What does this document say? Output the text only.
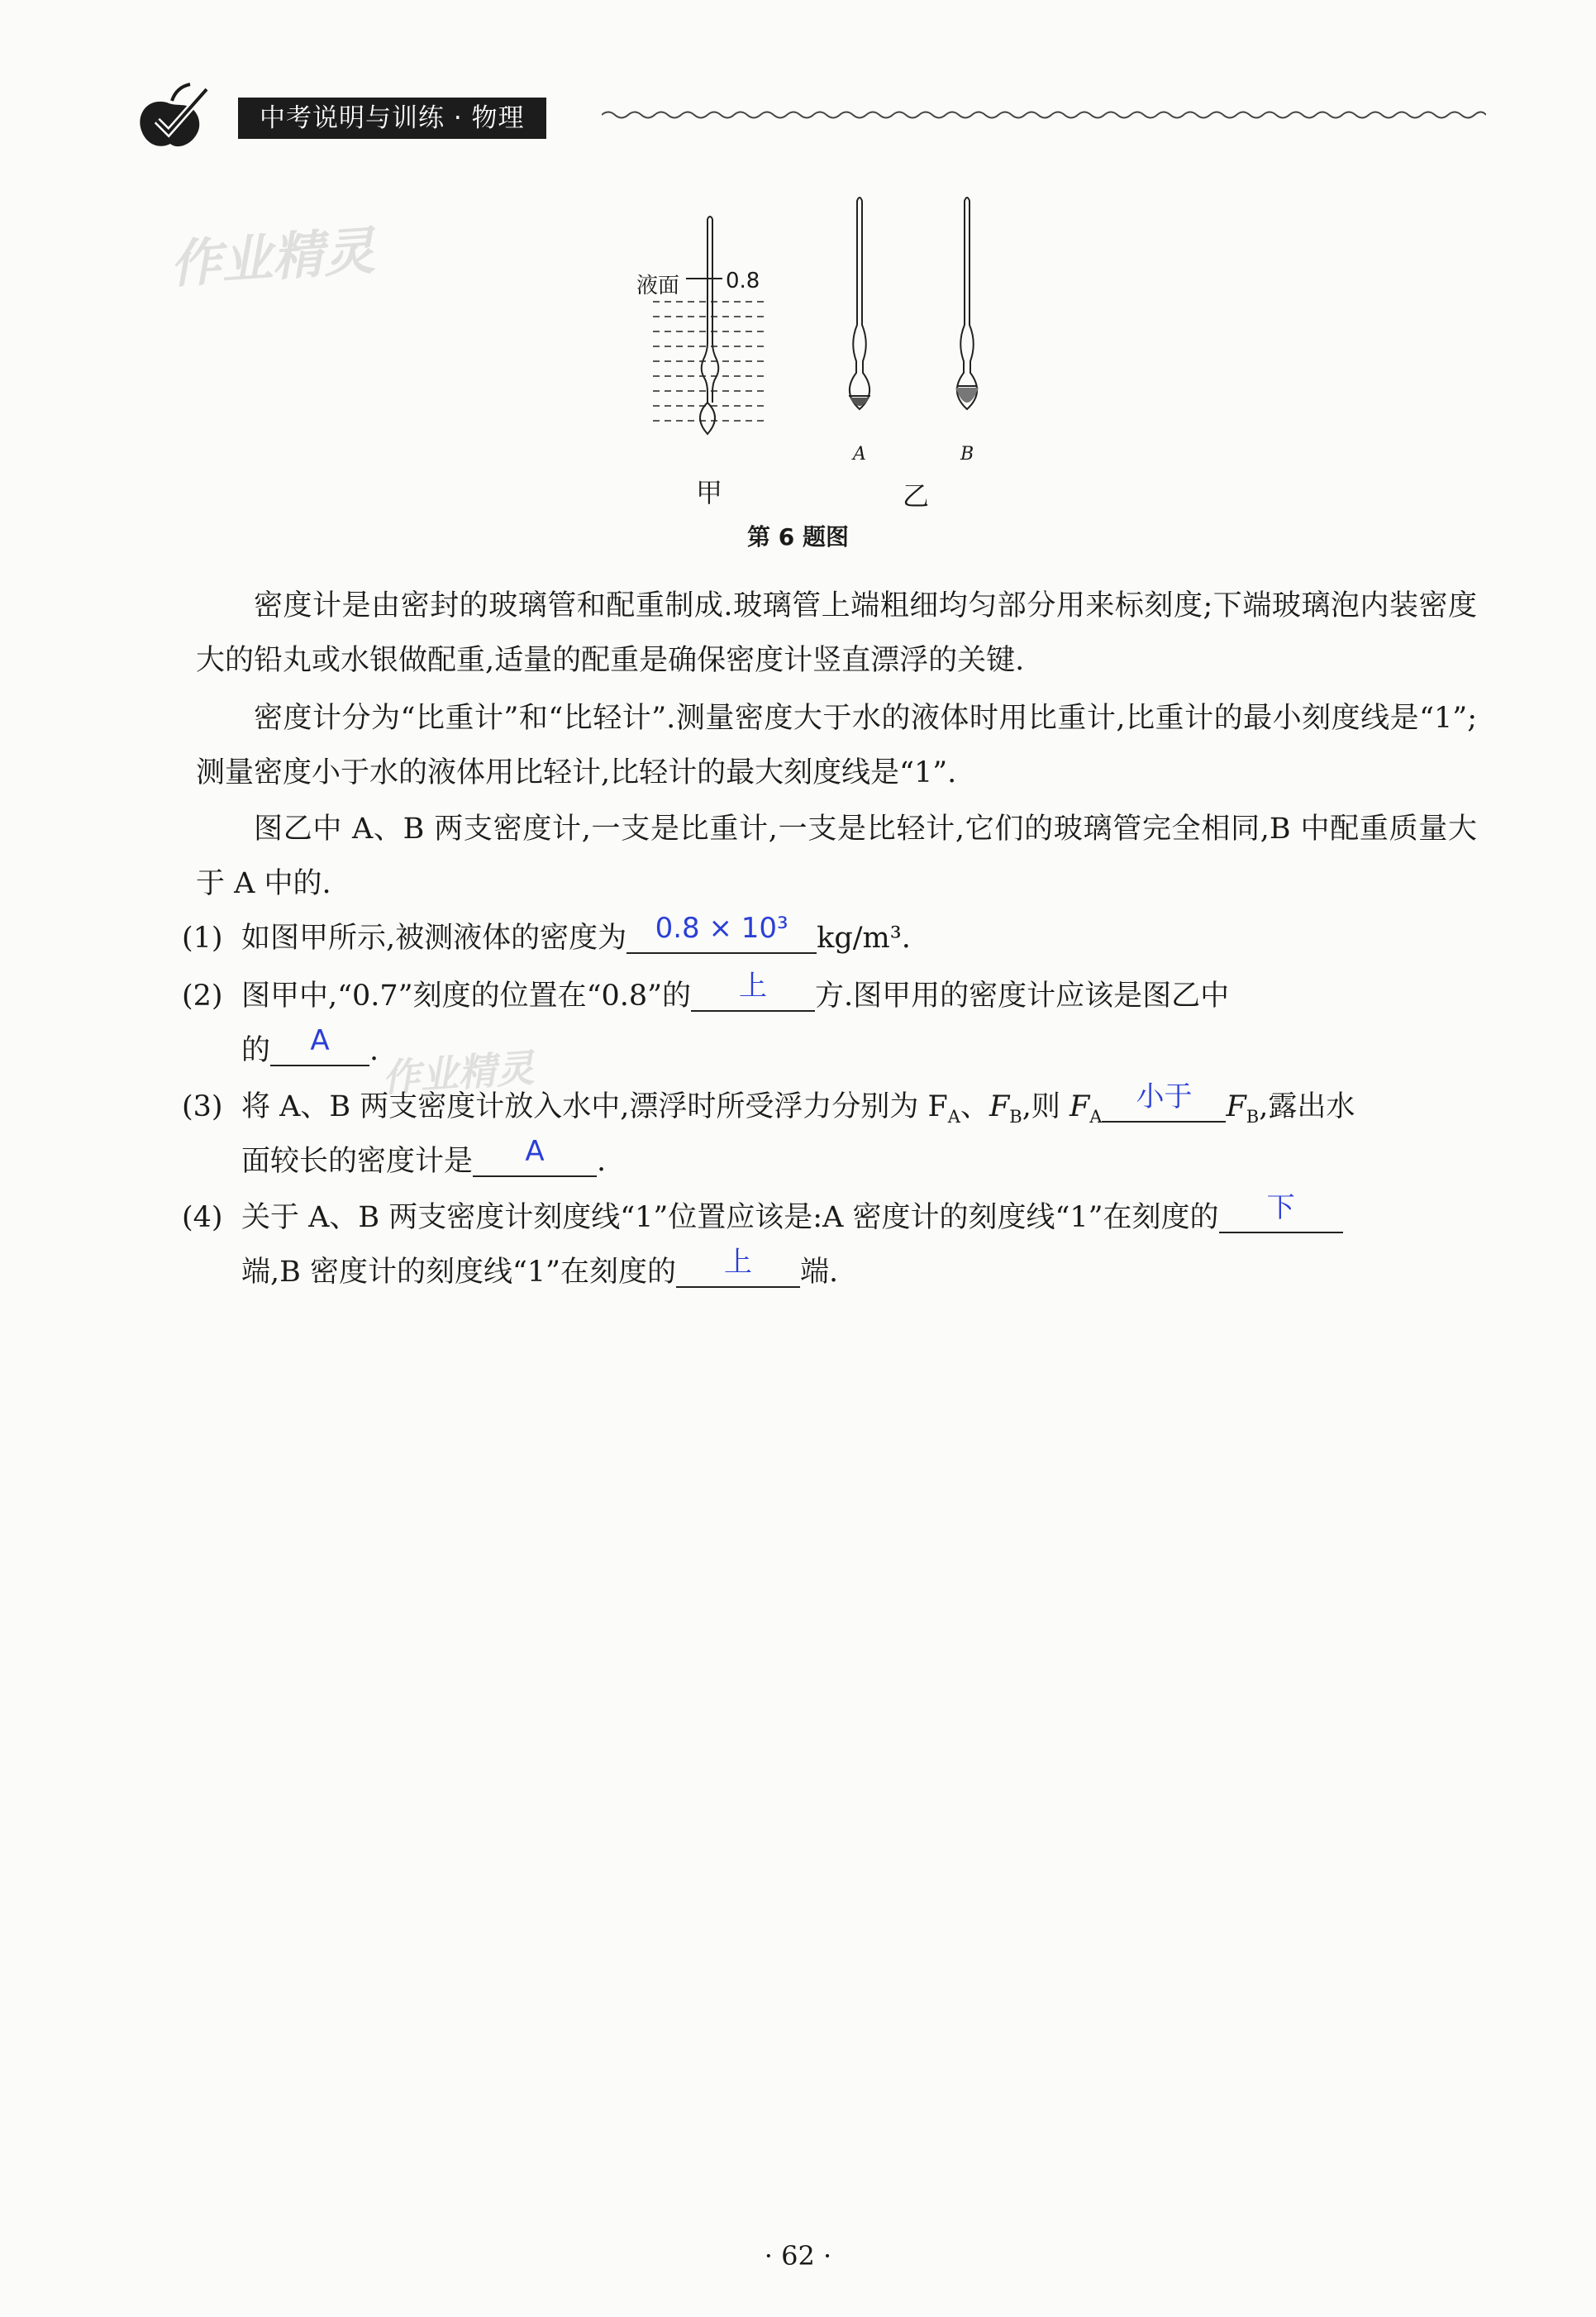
中考说明与训练 · 物理
作业精灵
作业精灵
液面 0.8
A	B
甲	乙
第 6 题图
密度计是由密封的玻璃管和配重制成.玻璃管上端粗细均匀部分用来标刻度;下端玻璃泡内装密度大的铅丸或水银做配重,适量的配重是确保密度计竖直漂浮的关键.
密度计分为“比重计”和“比轻计”.测量密度大于水的液体时用比重计,比重计的最小刻度线是“1”;测量密度小于水的液体用比轻计,比轻计的最大刻度线是“1”.
图乙中 A、B 两支密度计,一支是比重计,一支是比轻计,它们的玻璃管完全相同,B 中配重质量大于 A 中的.
(1) 如图甲所示,被测液体的密度为	0.8 × 10³ kg/m³.
(2) 图甲中,“0.7”刻度的位置在“0.8”的	上	方.图甲用的密度计应该是图乙中
的	A	.
(3) 将 A、B 两支密度计放入水中,漂浮时所受浮力分别为 $F_A$、$F_B$,则 $F_A$
小于	$F_B$,露出水
面较长的密度计是	A	.
(4) 关于 A、B 两支密度计刻度线“1”位置应该是:A 密度计的刻度线“1”在刻度的	下
端,B 密度计的刻度线“1”在刻度的	上	端.
· 62 ·
